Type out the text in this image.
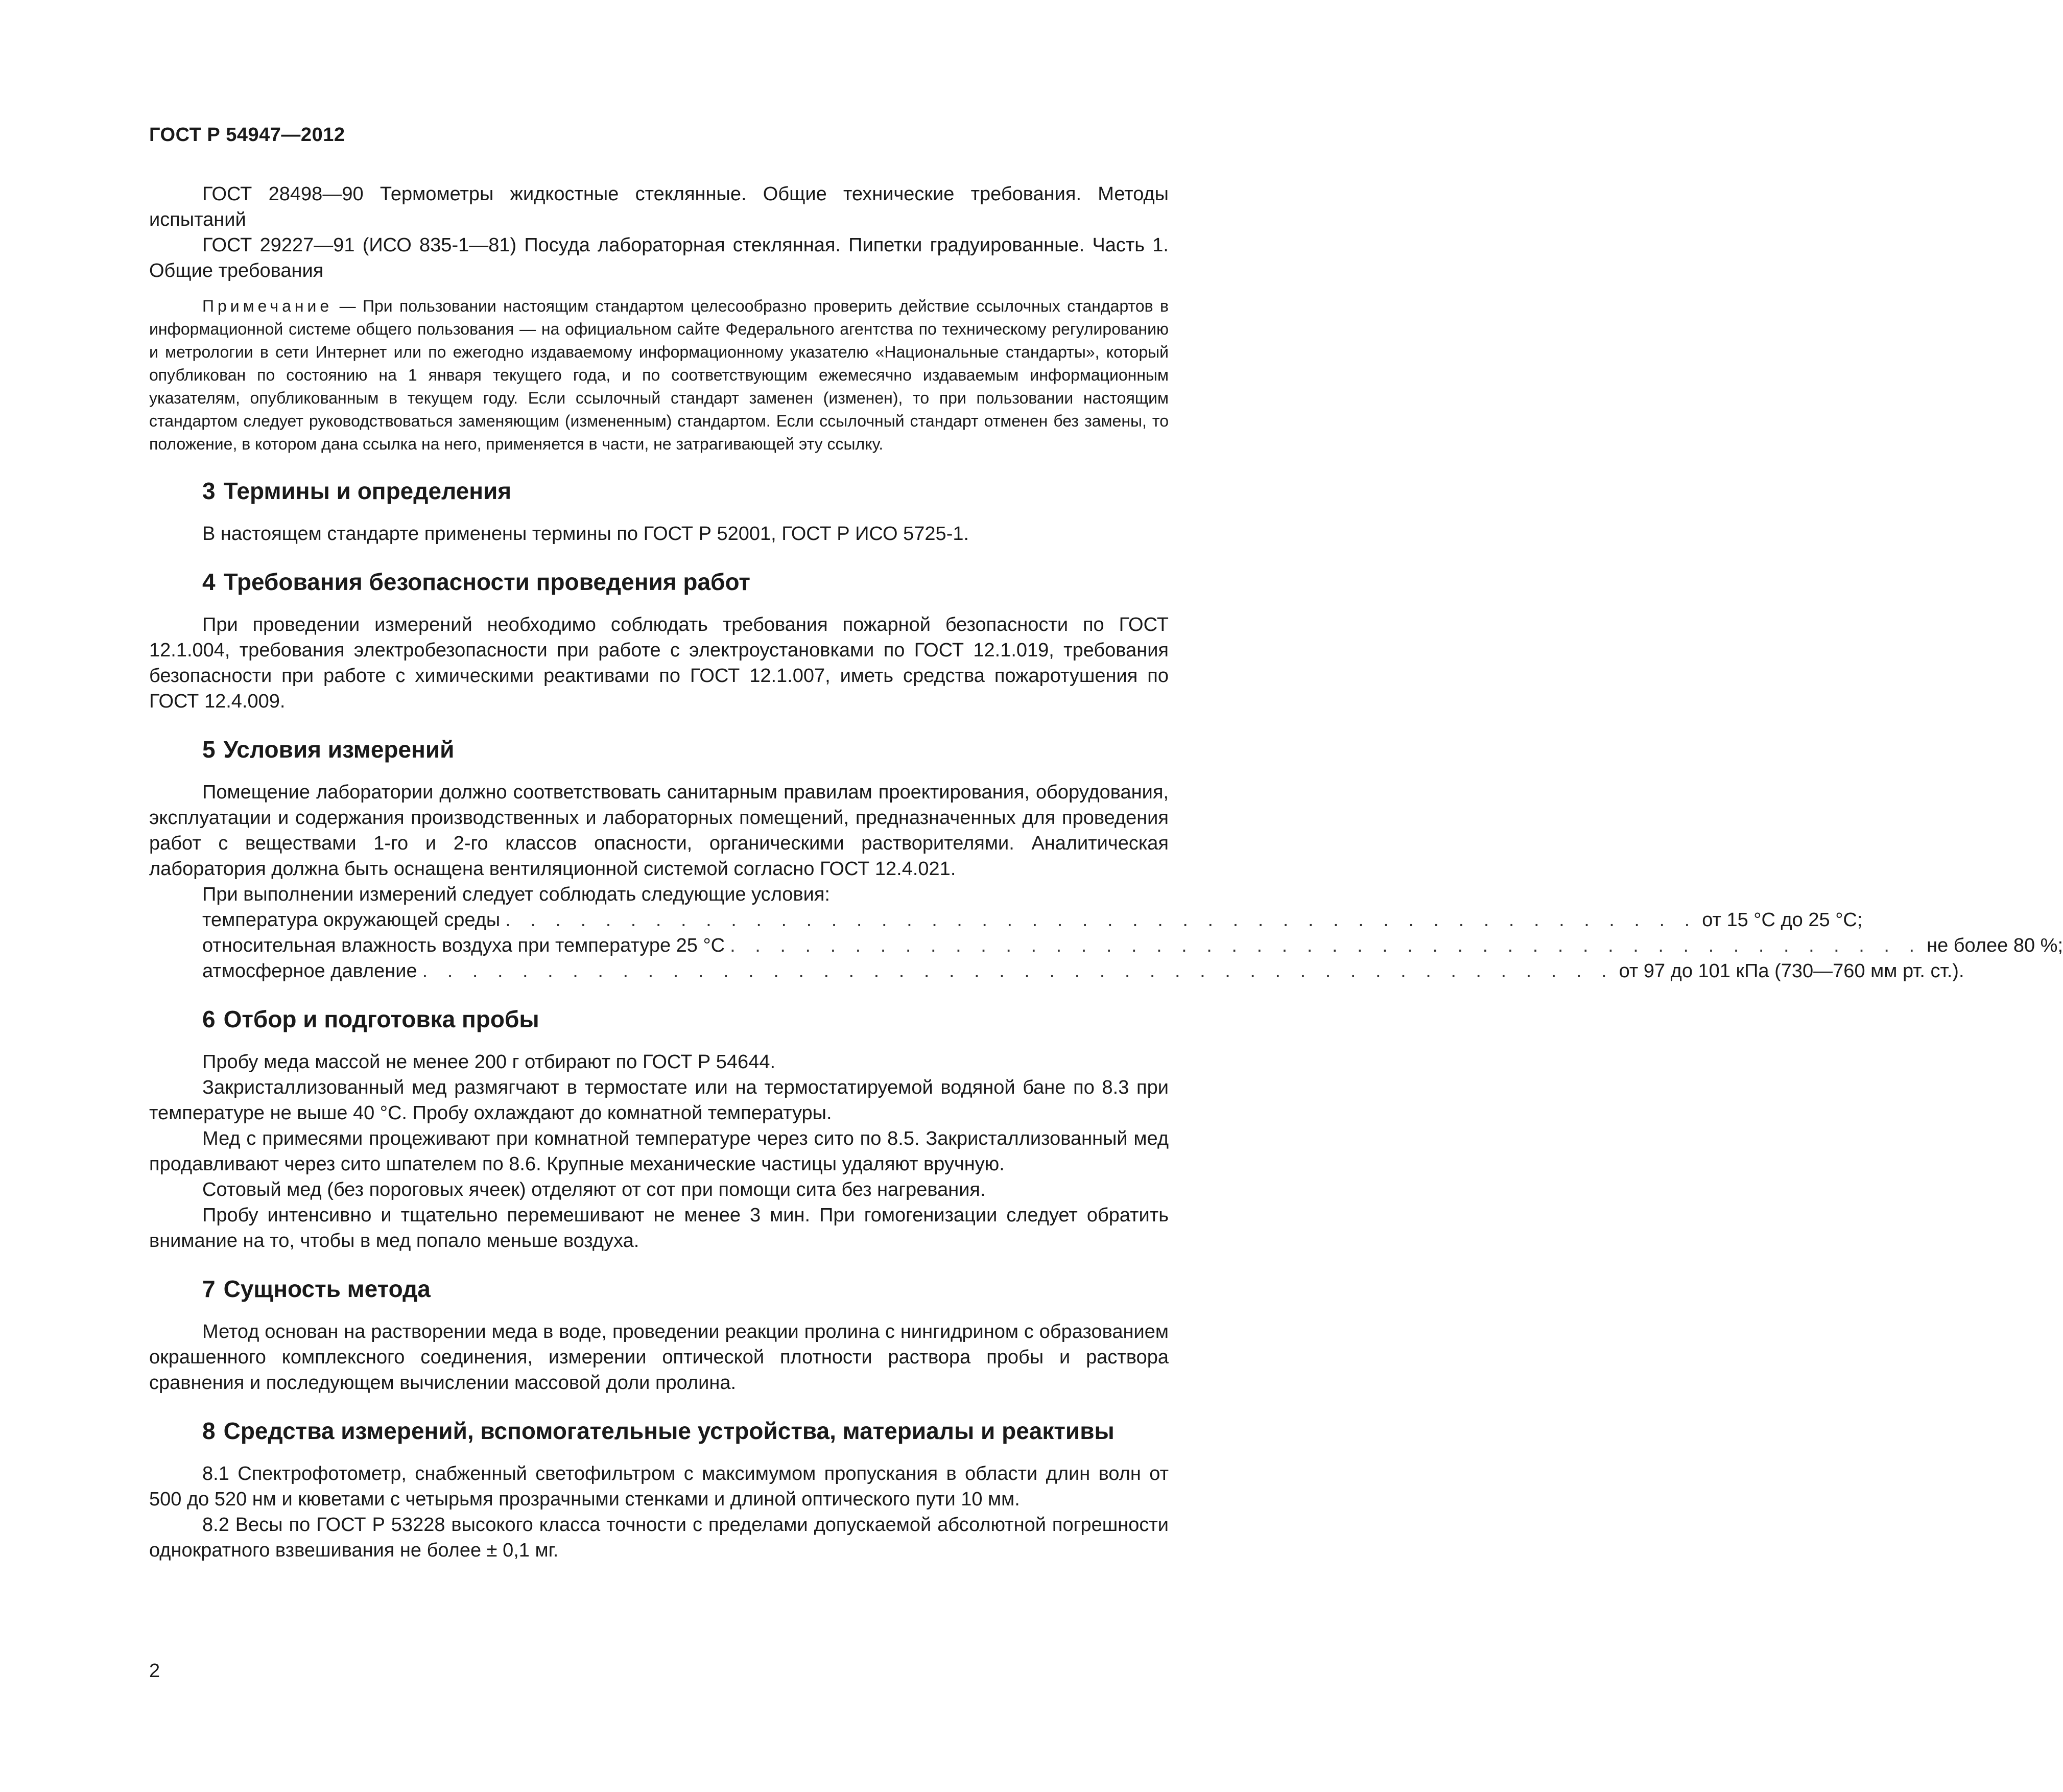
ГОСТ Р 54947—2012

ГОСТ 28498—90 Термометры жидкостные стеклянные. Общие технические требования. Методы испытаний

ГОСТ 29227—91 (ИСО 835-1—81) Посуда лабораторная стеклянная. Пипетки градуированные. Часть 1. Общие требования

Примечание — При пользовании настоящим стандартом целесообразно проверить действие ссылочных стандартов в информационной системе общего пользования — на официальном сайте Федерального агентства по техническому регулированию и метрологии в сети Интернет или по ежегодно издаваемому информационному указателю «Национальные стандарты», который опубликован по состоянию на 1 января текущего года, и по соответствующим ежемесячно издаваемым информационным указателям, опубликованным в текущем году. Если ссылочный стандарт заменен (изменен), то при пользовании настоящим стандартом следует руководствоваться заменяющим (измененным) стандартом. Если ссылочный стандарт отменен без замены, то положение, в котором дана ссылка на него, применяется в части, не затрагивающей эту ссылку.
3 Термины и определения

В настоящем стандарте применены термины по ГОСТ Р 52001, ГОСТ Р ИСО 5725-1.

4 Требования безопасности проведения работ

При проведении измерений необходимо соблюдать требования пожарной безопасности по ГОСТ 12.1.004, требования электробезопасности при работе с электроустановками по ГОСТ 12.1.019, требования безопасности при работе с химическими реактивами по ГОСТ 12.1.007, иметь средства пожаротушения по ГОСТ 12.4.009.

5 Условия измерений

Помещение лаборатории должно соответствовать санитарным правилам проектирования, оборудования, эксплуатации и содержания производственных и лабораторных помещений, предназначенных для проведения работ с веществами 1-го и 2-го классов опасности, органическими растворителями. Аналитическая лаборатория должна быть оснащена вентиляционной системой согласно ГОСТ 12.4.021.

При выполнении измерений следует соблюдать следующие условия:

температура окружающей среды . . . . . . . . . . . . . . . . . . . . . . . . . . . . . . . . . . . . . . . . . . . . . . . . от 15 °С до 25 °С;
относительная влажность воздуха при температуре 25 °С . . . . . . . . . . . . . . . . . . . . . . . . . . . . . . . . . . . . . . . . . . . . . . . . не более 80 %;
атмосферное давление . . . . . . . . . . . . . . . . . . . . . . . . . . . . . . . . . . . . . . . . . . . . . . . . от 97 до 101 кПа (730—760 мм рт. ст.).
6 Отбор и подготовка пробы

Пробу меда массой не менее 200 г отбирают по ГОСТ Р 54644.

Закристаллизованный мед размягчают в термостате или на термостатируемой водяной бане по 8.3 при температуре не выше 40 °С. Пробу охлаждают до комнатной температуры.

Мед с примесями процеживают при комнатной температуре через сито по 8.5. Закристаллизованный мед продавливают через сито шпателем по 8.6. Крупные механические частицы удаляют вручную.

Сотовый мед (без пороговых ячеек) отделяют от сот при помощи сита без нагревания.

Пробу интенсивно и тщательно перемешивают не менее 3 мин. При гомогенизации следует обратить внимание на то, чтобы в мед попало меньше воздуха.

7 Сущность метода

Метод основан на растворении меда в воде, проведении реакции пролина с нингидрином с образованием окрашенного комплексного соединения, измерении оптической плотности раствора пробы и раствора сравнения и последующем вычислении массовой доли пролина.

8 Средства измерений, вспомогательные устройства, материалы и реактивы

8.1 Спектрофотометр, снабженный светофильтром с максимумом пропускания в области длин волн от 500 до 520 нм и кюветами с четырьмя прозрачными стенками и длиной оптического пути 10 мм.

8.2 Весы по ГОСТ Р 53228 высокого класса точности с пределами допускаемой абсолютной погрешности однократного взвешивания не более ± 0,1 мг.

2
